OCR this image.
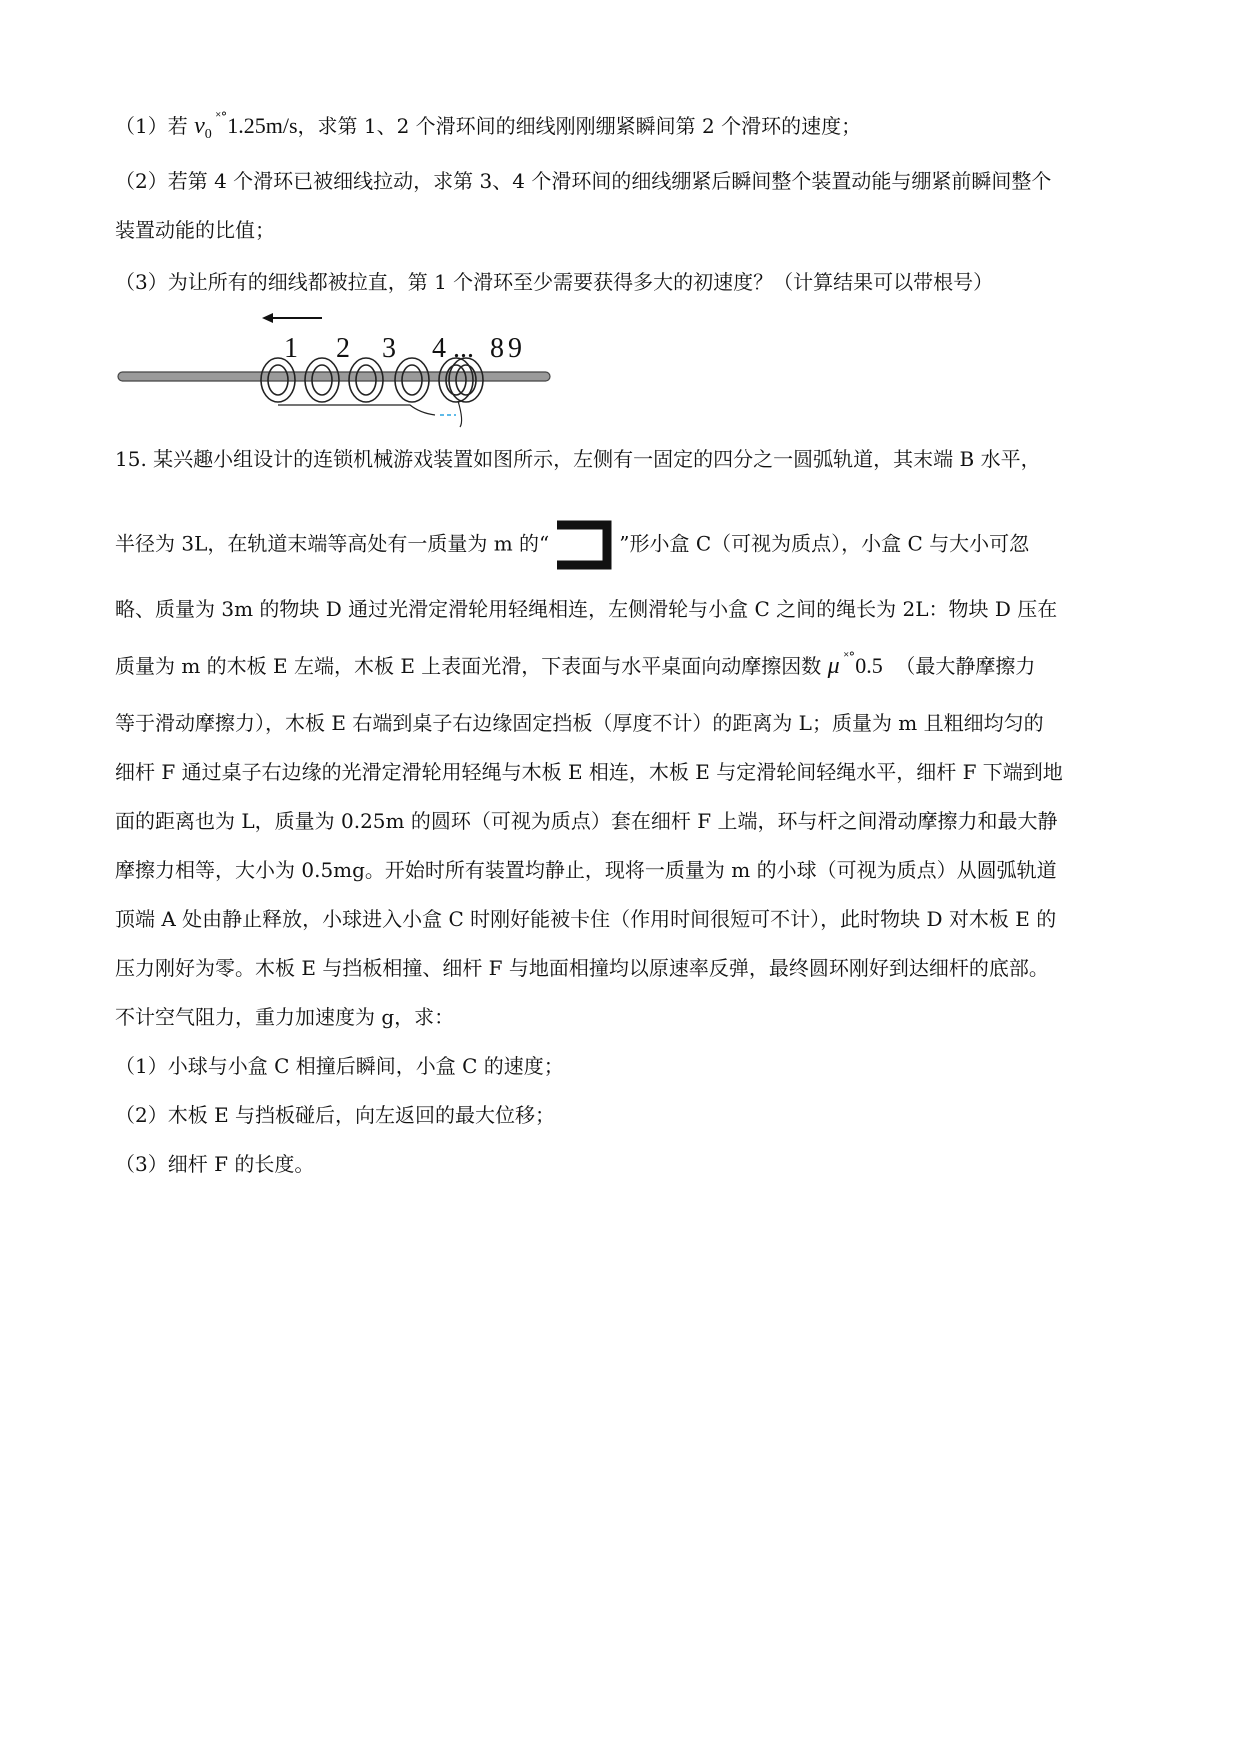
（1）若 $v_0^{˟^\circ}1.25m/s$，求第 1、2 个滑环间的细线刚刚绷紧瞬间第 2 个滑环的速度；
（2）若第 4 个滑环已被细线拉动，求第 3、4 个滑环间的细线绷紧后瞬间整个装置动能与绷紧前瞬间整个
装置动能的比值；
（3）为让所有的细线都被拉直，第 1 个滑环至少需要获得多大的初速度？（计算结果可以带根号）
1 2 3 4 ... 8 9
15. 某兴趣小组设计的连锁机械游戏装置如图所示，左侧有一固定的四分之一圆弧轨道，其末端 B 水平，
半径为 3L，在轨道末端等高处有一质量为 m 的“	”形小盒 C（可视为质点），小盒 C 与大小可忽
略、质量为 3m 的物块 D 通过光滑定滑轮用轻绳相连，左侧滑轮与小盒 C 之间的绳长为 2L：物块 D 压在
质量为 m 的木板 E 左端，木板 E 上表面光滑，下表面与水平桌面向动摩擦因数 μ ˟°0.5 （最大静摩擦力
等于滑动摩擦力），木板 E 右端到桌子右边缘固定挡板（厚度不计）的距离为 L；质量为 m 且粗细均匀的
细杆 F 通过桌子右边缘的光滑定滑轮用轻绳与木板 E 相连，木板 E 与定滑轮间轻绳水平，细杆 F 下端到地
面的距离也为 L，质量为 0.25m 的圆环（可视为质点）套在细杆 F 上端，环与杆之间滑动摩擦力和最大静
摩擦力相等，大小为 0.5mg。开始时所有装置均静止，现将一质量为 m 的小球（可视为质点）从圆弧轨道
顶端 A 处由静止释放，小球进入小盒 C 时刚好能被卡住（作用时间很短可不计），此时物块 D 对木板 E 的
压力刚好为零。木板 E 与挡板相撞、细杆 F 与地面相撞均以原速率反弹，最终圆环刚好到达细杆的底部。
不计空气阻力，重力加速度为 g，求：
（1）小球与小盒 C 相撞后瞬间，小盒 C 的速度；
（2）木板 E 与挡板碰后，向左返回的最大位移；
（3）细杆 F 的长度。
